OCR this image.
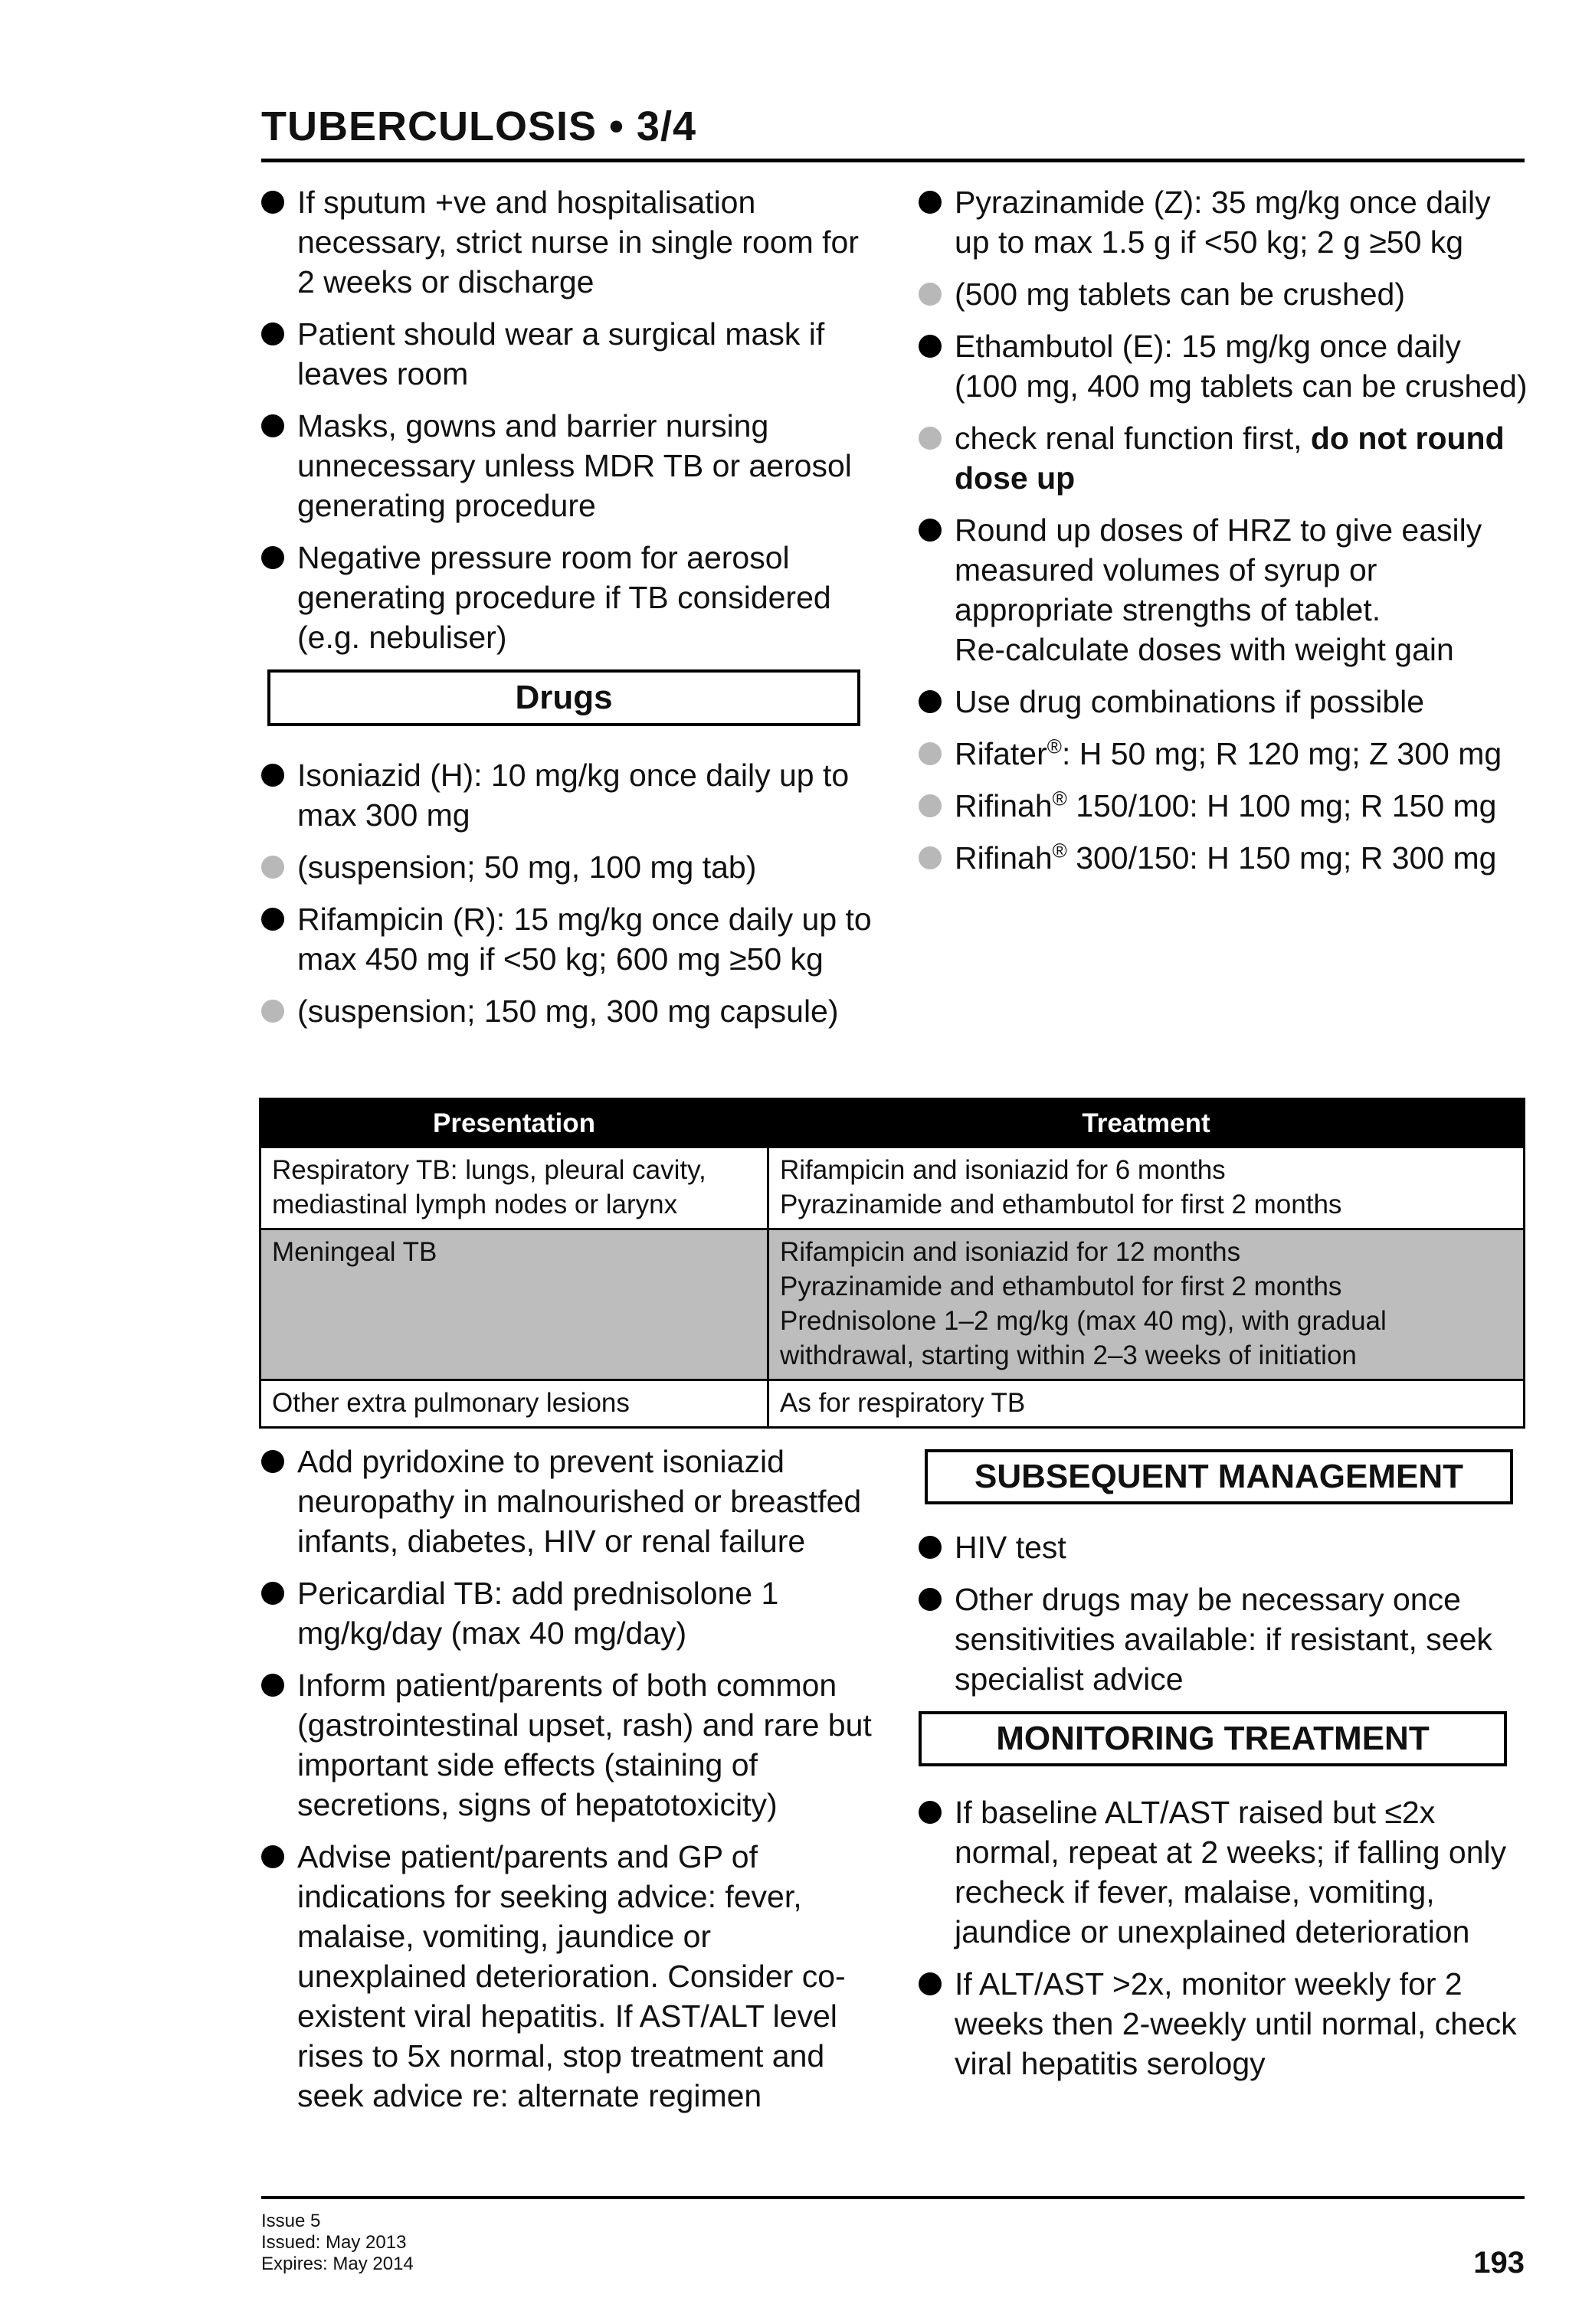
TUBERCULOSIS • 3/4
If sputum +ve and hospitalisation necessary, strict nurse in single room for 2 weeks or discharge
Patient should wear a surgical mask if leaves room
Masks, gowns and barrier nursing unnecessary unless MDR TB or aerosol generating procedure
Negative pressure room for aerosol generating procedure if TB considered (e.g. nebuliser)
Drugs
Isoniazid (H): 10 mg/kg once daily up to max 300 mg
(suspension; 50 mg, 100 mg tab)
Rifampicin (R): 15 mg/kg once daily up to max 450 mg if <50 kg; 600 mg ≥50 kg
(suspension; 150 mg, 300 mg capsule)
Pyrazinamide (Z): 35 mg/kg once daily up to max 1.5 g if <50 kg; 2 g ≥50 kg
(500 mg tablets can be crushed)
Ethambutol (E): 15 mg/kg once daily (100 mg, 400 mg tablets can be crushed)
check renal function first, do not round dose up
Round up doses of HRZ to give easily measured volumes of syrup or appropriate strengths of tablet.
Re-calculate doses with weight gain
Use drug combinations if possible
Rifater®: H 50 mg; R 120 mg; Z 300 mg
Rifinah® 150/100: H 100 mg; R 150 mg
Rifinah® 300/150: H 150 mg; R 300 mg
Presentation	Treatment

Respiratory TB: lungs, pleural cavity,
mediastinal lymph nodes or larynx	Rifampicin and isoniazid for 6 months
Pyrazinamide and ethambutol for first 2 months

Meningeal TB	Rifampicin and isoniazid for 12 months
Pyrazinamide and ethambutol for first 2 months
Prednisolone 1–2 mg/kg (max 40 mg), with gradual
withdrawal, starting within 2–3 weeks of initiation

Other extra pulmonary lesions	As for respiratory TB
Add pyridoxine to prevent isoniazid neuropathy in malnourished or breastfed infants, diabetes, HIV or renal failure
Pericardial TB: add prednisolone 1 mg/kg/day (max 40 mg/day)
Inform patient/parents of both common (gastrointestinal upset, rash) and rare but important side effects (staining of secretions, signs of hepatotoxicity)
Advise patient/parents and GP of indications for seeking advice: fever, malaise, vomiting, jaundice or unexplained deterioration. Consider co-existent viral hepatitis. If AST/ALT level rises to 5x normal, stop treatment and seek advice re: alternate regimen
SUBSEQUENT MANAGEMENT
HIV test
Other drugs may be necessary once sensitivities available: if resistant, seek specialist advice
MONITORING TREATMENT
If baseline ALT/AST raised but ≤2x normal, repeat at 2 weeks; if falling only recheck if fever, malaise, vomiting, jaundice or unexplained deterioration
If ALT/AST >2x, monitor weekly for 2 weeks then 2-weekly until normal, check viral hepatitis serology
Issue 5
Issued: May 2013
Expires: May 2014	193
